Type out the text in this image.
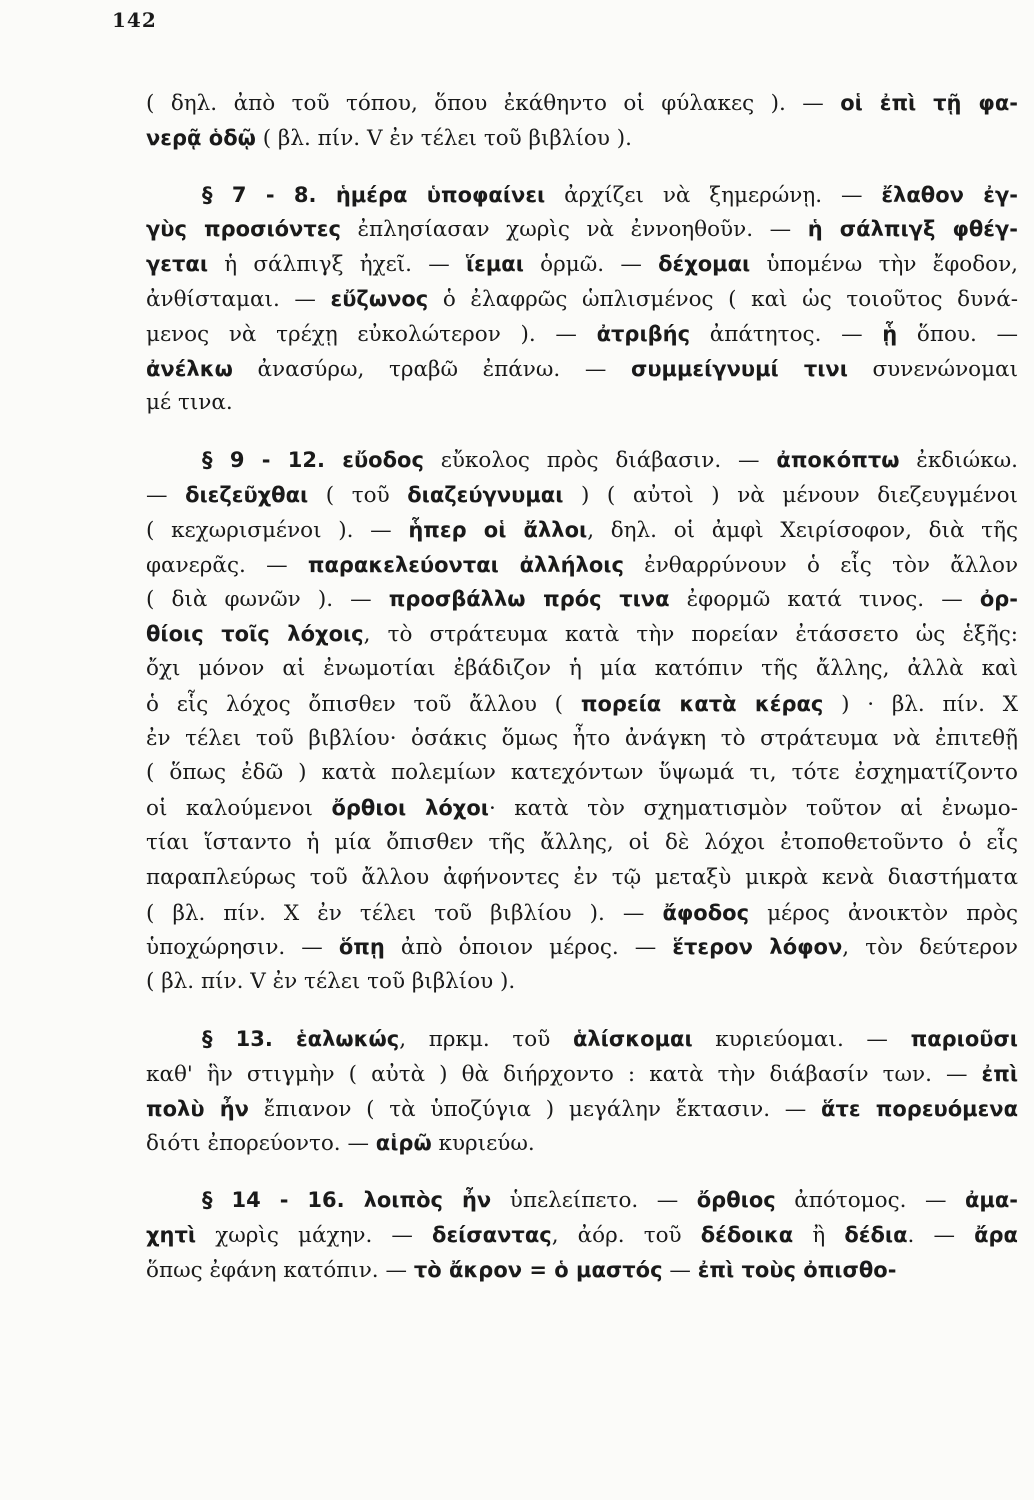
142
( δηλ. ἀπὸ τοῦ τόπου, ὅπου ἐκάθηντο οἱ φύλακες ). — οἱ ἐπὶ τῇ φα-
νερᾷ ὁδῷ ( βλ. πίν. V ἐν τέλει τοῦ βιβλίου ).
§ 7 - 8. ἡμέρα ὑποφαίνει ἀρχίζει νὰ ξημερώνῃ. — ἔλαθον ἐγ-
γὺς προσιόντες ἐπλησίασαν χωρὶς νὰ ἐννοηθοῦν. — ἡ σάλπιγξ φθέγ-
γεται ἡ σάλπιγξ ἠχεῖ. — ἵεμαι ὁρμῶ. — δέχομαι ὑπομένω τὴν ἔφοδον,
ἀνθίσταμαι. — εὔζωνος ὁ ἐλαφρῶς ὡπλισμένος ( καὶ ὡς τοιοῦτος δυνά-
μενος νὰ τρέχῃ εὐκολώτερον ). — ἀτριβής ἀπάτητος. — ᾗ ὅπου. —
ἀνέλκω ἀνασύρω, τραβῶ ἐπάνω. — συμμείγνυμί τινι συνενώνομαι
μέ τινα.
§ 9 - 12. εὔοδος εὔκολος πρὸς διάβασιν. — ἀποκόπτω ἐκδιώκω.
— διεζεῦχθαι ( τοῦ διαζεύγνυμαι ) ( αὐτοὶ ) νὰ μένουν διεζευγμένοι
( κεχωρισμένοι ). — ἧπερ οἱ ἄλλοι, δηλ. οἱ ἀμφὶ Χειρίσοφον, διὰ τῆς
φανερᾶς. — παρακελεύονται ἀλλήλοις ἐνθαρρύνουν ὁ εἷς τὸν ἄλλον
( διὰ φωνῶν ). — προσβάλλω πρός τινα ἐφορμῶ κατά τινος. — ὀρ-
θίοις τοῖς λόχοις, τὸ στράτευμα κατὰ τὴν πορείαν ἐτάσσετο ὡς ἑξῆς:
ὄχι μόνον αἱ ἐνωμοτίαι ἐβάδιζον ἡ μία κατόπιν τῆς ἄλλης, ἀλλὰ καὶ
ὁ εἷς λόχος ὄπισθεν τοῦ ἄλλου ( πορεία κατὰ κέρας ) · βλ. πίν. X
ἐν τέλει τοῦ βιβλίου· ὁσάκις ὅμως ἦτο ἀνάγκη τὸ στράτευμα νὰ ἐπιτεθῇ
( ὅπως ἐδῶ ) κατὰ πολεμίων κατεχόντων ὕψωμά τι, τότε ἐσχηματίζοντο
οἱ καλούμενοι ὄρθιοι λόχοι· κατὰ τὸν σχηματισμὸν τοῦτον αἱ ἐνωμο-
τίαι ἵσταντο ἡ μία ὄπισθεν τῆς ἄλλης, οἱ δὲ λόχοι ἐτοποθετοῦντο ὁ εἷς
παραπλεύρως τοῦ ἄλλου ἀφήνοντες ἐν τῷ μεταξὺ μικρὰ κενὰ διαστήματα
( βλ. πίν. X ἐν τέλει τοῦ βιβλίου ). — ἄφοδος μέρος ἀνοικτὸν πρὸς
ὑποχώρησιν. — ὅπῃ ἀπὸ ὁποιον μέρος. — ἕτερον λόφον, τὸν δεύτερον
( βλ. πίν. V ἐν τέλει τοῦ βιβλίου ).
§ 13. ἑαλωκώς, πρκμ. τοῦ ἁλίσκομαι κυριεύομαι. — παριοῦσι
καθ' ἣν στιγμὴν ( αὐτὰ ) θὰ διήρχοντο : κατὰ τὴν διάβασίν των. — ἐπὶ
πολὺ ἦν ἔπιανον ( τὰ ὑποζύγια ) μεγάλην ἔκτασιν. — ἅτε πορευόμενα
διότι ἐπορεύοντο. — αἱρῶ κυριεύω.
§ 14 - 16. λοιπὸς ἦν ὑπελείπετο. — ὄρθιος ἀπότομος. — ἀμα-
χητὶ χωρὶς μάχην. — δείσαντας, ἀόρ. τοῦ δέδοικα ἢ δέδια. — ἄρα
ὅπως ἐφάνη κατόπιν. — τὸ ἄκρον = ὁ μαστός — ἐπὶ τοὺς ὀπισθο-
